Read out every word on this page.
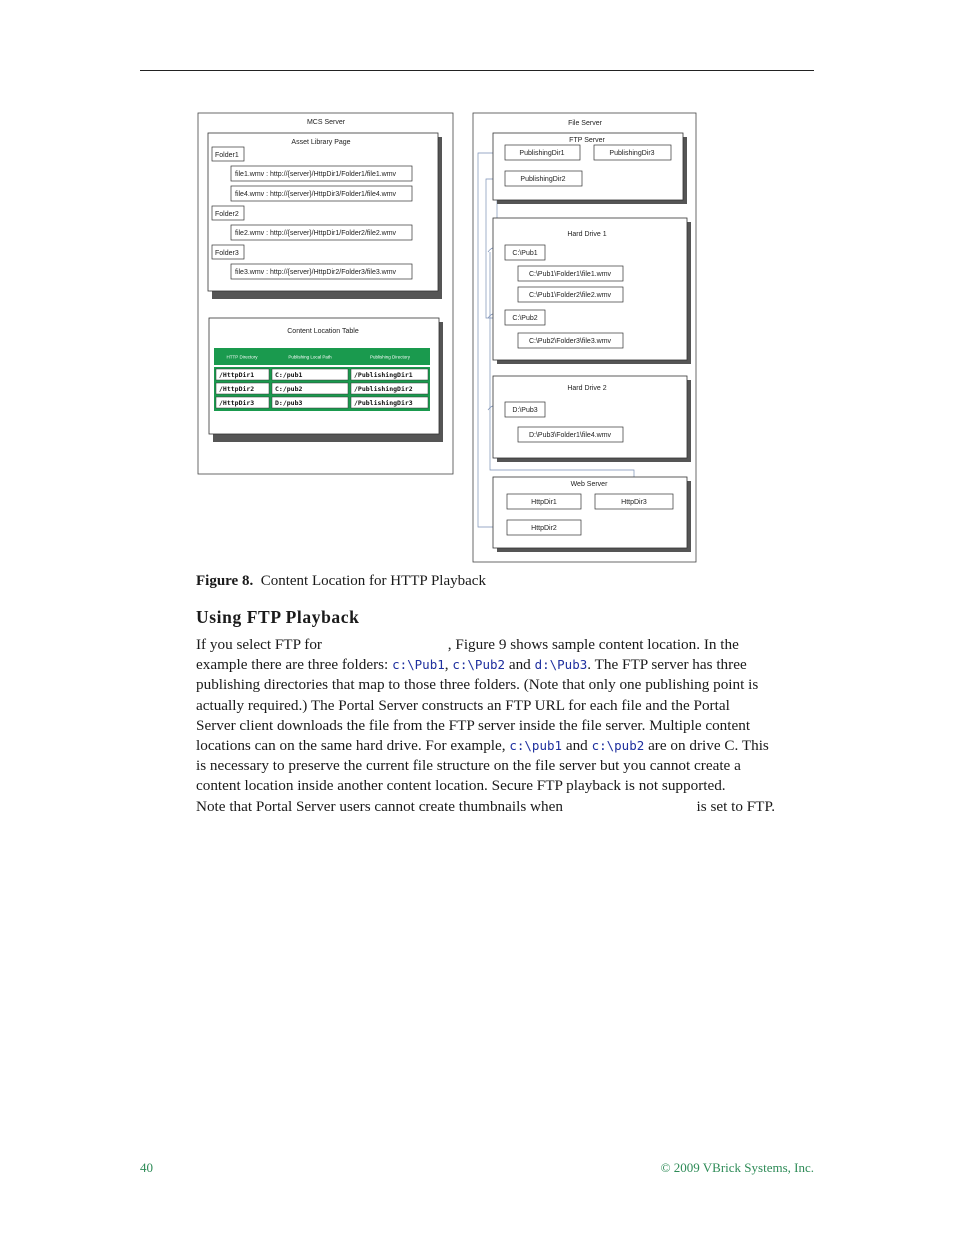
MCS Server
Asset Library Page
Folder1
file1.wmv : http://{server}/HttpDir1/Folder1/file1.wmv
file4.wmv : http://{server}/HttpDir3/Folder1/file4.wmv
Folder2
file2.wmv : http://{server}/HttpDir1/Folder2/file2.wmv
Folder3
file3.wmv : http://{server}/HttpDir2/Folder3/file3.wmv
Content Location Table
HTTP Directory	Publishing Local Path	Publishing Directory
/HttpDir1	C:/pub1	/PublishingDir1
/HttpDir2	C:/pub2	/PublishingDir2
/HttpDir3	D:/pub3	/PublishingDir3
File Server
FTP Server
PublishingDir1	PublishingDir3
PublishingDir2
Hard Drive 1
C:\Pub1
C:\Pub1\Folder1\file1.wmv
C:\Pub1\Folder2\file2.wmv
C:\Pub2
C:\Pub2\Folder3\file3.wmv
Hard Drive 2
D:\Pub3
D:\Pub3\Folder1\file4.wmv
Web Server
HttpDir1	HttpDir3
HttpDir2
Figure 8. Content Location for HTTP Playback
Using FTP Playback
If you select FTP for	, Figure 9 shows sample content location. In the
example there are three folders: c:\Pub1, c:\Pub2 and d:\Pub3. The FTP server has three
publishing directories that map to those three folders. (Note that only one publishing point is
actually required.) The Portal Server constructs an FTP URL for each file and the Portal
Server client downloads the file from the FTP server inside the file server. Multiple content
locations can on the same hard drive. For example, c:\pub1 and c:\pub2 are on drive C. This
is necessary to preserve the current file structure on the file server but you cannot create a
content location inside another content location. Secure FTP playback is not supported.
Note that Portal Server users cannot create thumbnails when	is set to FTP.
40	© 2009 VBrick Systems, Inc.
